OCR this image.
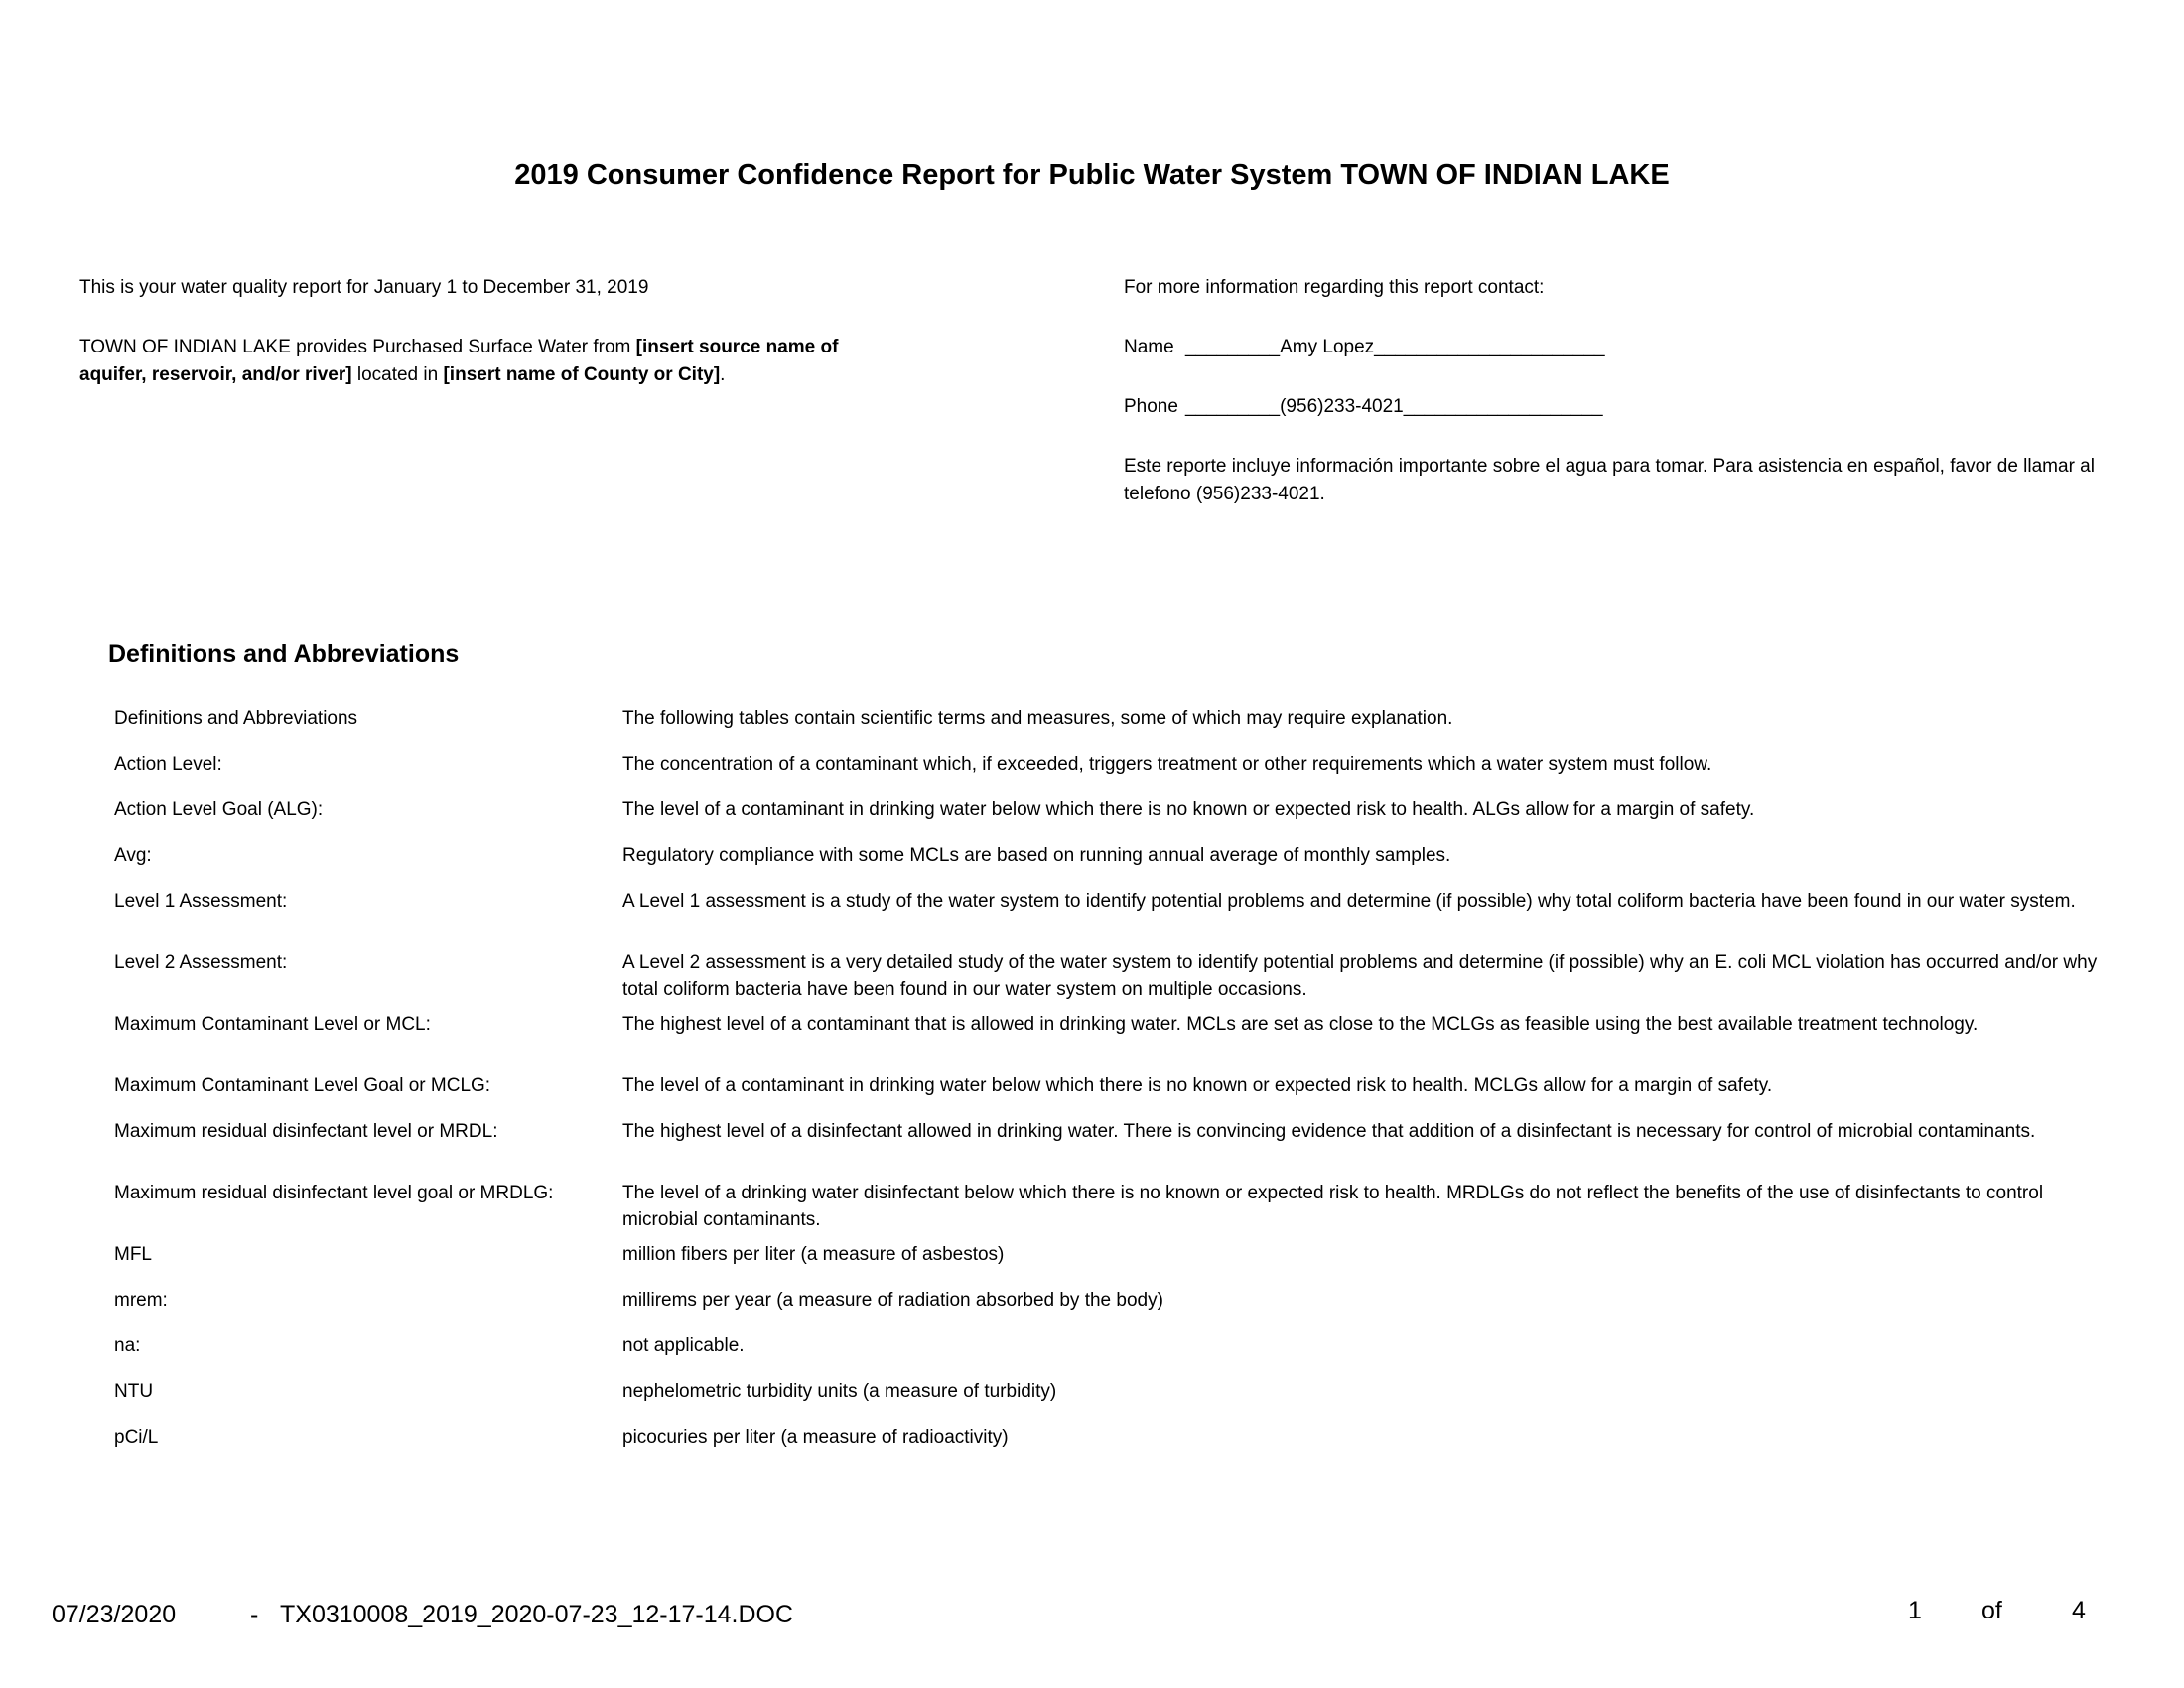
2019 Consumer Confidence Report for Public Water System TOWN OF INDIAN LAKE

This is your water quality report for January 1 to December 31, 2019

TOWN OF INDIAN LAKE provides Purchased Surface Water from [insert source name of aquifer, reservoir, and/or river] located in [insert name of County or City].

For more information regarding this report contact:

Name _________Amy Lopez______________________

Phone _________(956)233-4021___________________

Este reporte incluye información importante sobre el agua para tomar. Para asistencia en español, favor de llamar al telefono (956)233-4021.

Definitions and Abbreviations
Definitions and Abbreviations	The following tables contain scientific terms and measures, some of which may require explanation.
Action Level:	The concentration of a contaminant which, if exceeded, triggers treatment or other requirements which a water system must follow.
Action Level Goal (ALG):	The level of a contaminant in drinking water below which there is no known or expected risk to health. ALGs allow for a margin of safety.
Avg:	Regulatory compliance with some MCLs are based on running annual average of monthly samples.
Level 1 Assessment:	A Level 1 assessment is a study of the water system to identify potential problems and determine (if possible) why total coliform bacteria have been found in our water system.
Level 2 Assessment:	A Level 2 assessment is a very detailed study of the water system to identify potential problems and determine (if possible) why an E. coli MCL violation has occurred and/or why total coliform bacteria have been found in our water system on multiple occasions.
Maximum Contaminant Level or MCL:	The highest level of a contaminant that is allowed in drinking water. MCLs are set as close to the MCLGs as feasible using the best available treatment technology.
Maximum Contaminant Level Goal or MCLG:	The level of a contaminant in drinking water below which there is no known or expected risk to health. MCLGs allow for a margin of safety.
Maximum residual disinfectant level or MRDL:	The highest level of a disinfectant allowed in drinking water. There is convincing evidence that addition of a disinfectant is necessary for control of microbial contaminants.
Maximum residual disinfectant level goal or MRDLG:	The level of a drinking water disinfectant below which there is no known or expected risk to health. MRDLGs do not reflect the benefits of the use of disinfectants to control microbial contaminants.
MFL	million fibers per liter (a measure of asbestos)
mrem:	millirems per year (a measure of radiation absorbed by the body)
na:	not applicable.
NTU	nephelometric turbidity units (a measure of turbidity)
pCi/L	picocuries per liter (a measure of radioactivity)
07/23/2020	- TX0310008_2019_2020-07-23_12-17-14.DOC	1 of	4
